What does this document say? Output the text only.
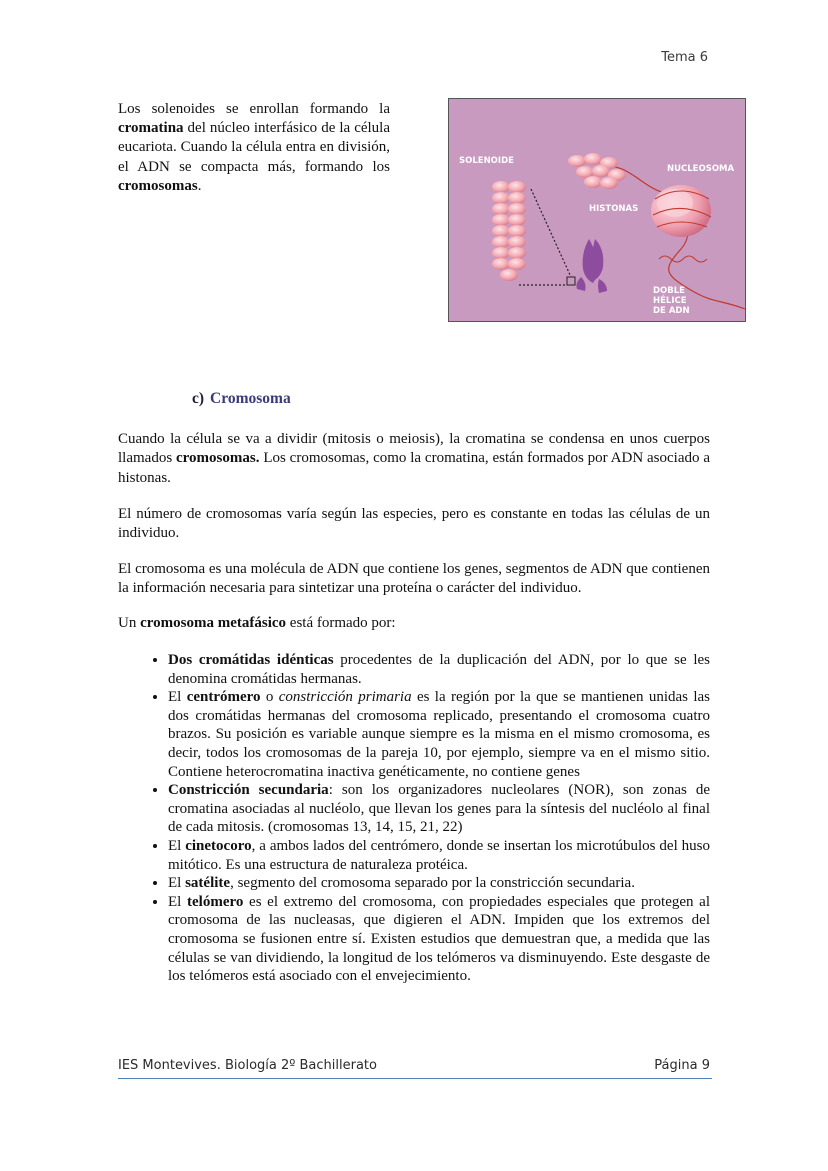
Tema 6

Los solenoides se enrollan formando la cromatina del núcleo interfásico de la célula eucariota. Cuando la célula entra en división, el ADN se compacta más, formando los cromosomas.

SOLENOIDE
NUCLEOSOMA
HISTONAS
DOBLE
HÉLICE
DE ADN
c) Cromosoma

Cuando la célula se va a dividir (mitosis o meiosis), la cromatina se condensa en unos cuerpos llamados cromosomas. Los cromosomas, como la cromatina, están formados por ADN asociado a histonas.

El número de cromosomas varía según las especies, pero es constante en todas las células de un individuo.

El cromosoma es una molécula de ADN que contiene los genes, segmentos de ADN que contienen la información necesaria para sintetizar una proteína o carácter del individuo.

Un cromosoma metafásico está formado por:

• Dos cromátidas idénticas procedentes de la duplicación del ADN, por lo que se les denomina cromátidas hermanas.
• El centrómero o constricción primaria es la región por la que se mantienen unidas las dos cromátidas hermanas del cromosoma replicado, presentando el cromosoma cuatro brazos. Su posición es variable aunque siempre es la misma en el mismo cromosoma, es decir, todos los cromosomas de la pareja 10, por ejemplo, siempre va en el mismo sitio. Contiene heterocromatina inactiva genéticamente, no contiene genes
• Constricción secundaria: son los organizadores nucleolares (NOR), son zonas de cromatina asociadas al nucléolo, que llevan los genes para la síntesis del nucléolo al final de cada mitosis. (cromosomas 13, 14, 15, 21, 22)
• El cinetocoro, a ambos lados del centrómero, donde se insertan los microtúbulos del huso mitótico. Es una estructura de naturaleza protéica.
• El satélite, segmento del cromosoma separado por la constricción secundaria.
• El telómero es el extremo del cromosoma, con propiedades especiales que protegen al cromosoma de las nucleasas, que digieren el ADN. Impiden que los extremos del cromosoma se fusionen entre sí. Existen estudios que demuestran que, a medida que las células se van dividiendo, la longitud de los telómeros va disminuyendo. Este desgaste de los telómeros está asociado con el envejecimiento.
IES Montevives. Biología 2º Bachillerato	Página 9
